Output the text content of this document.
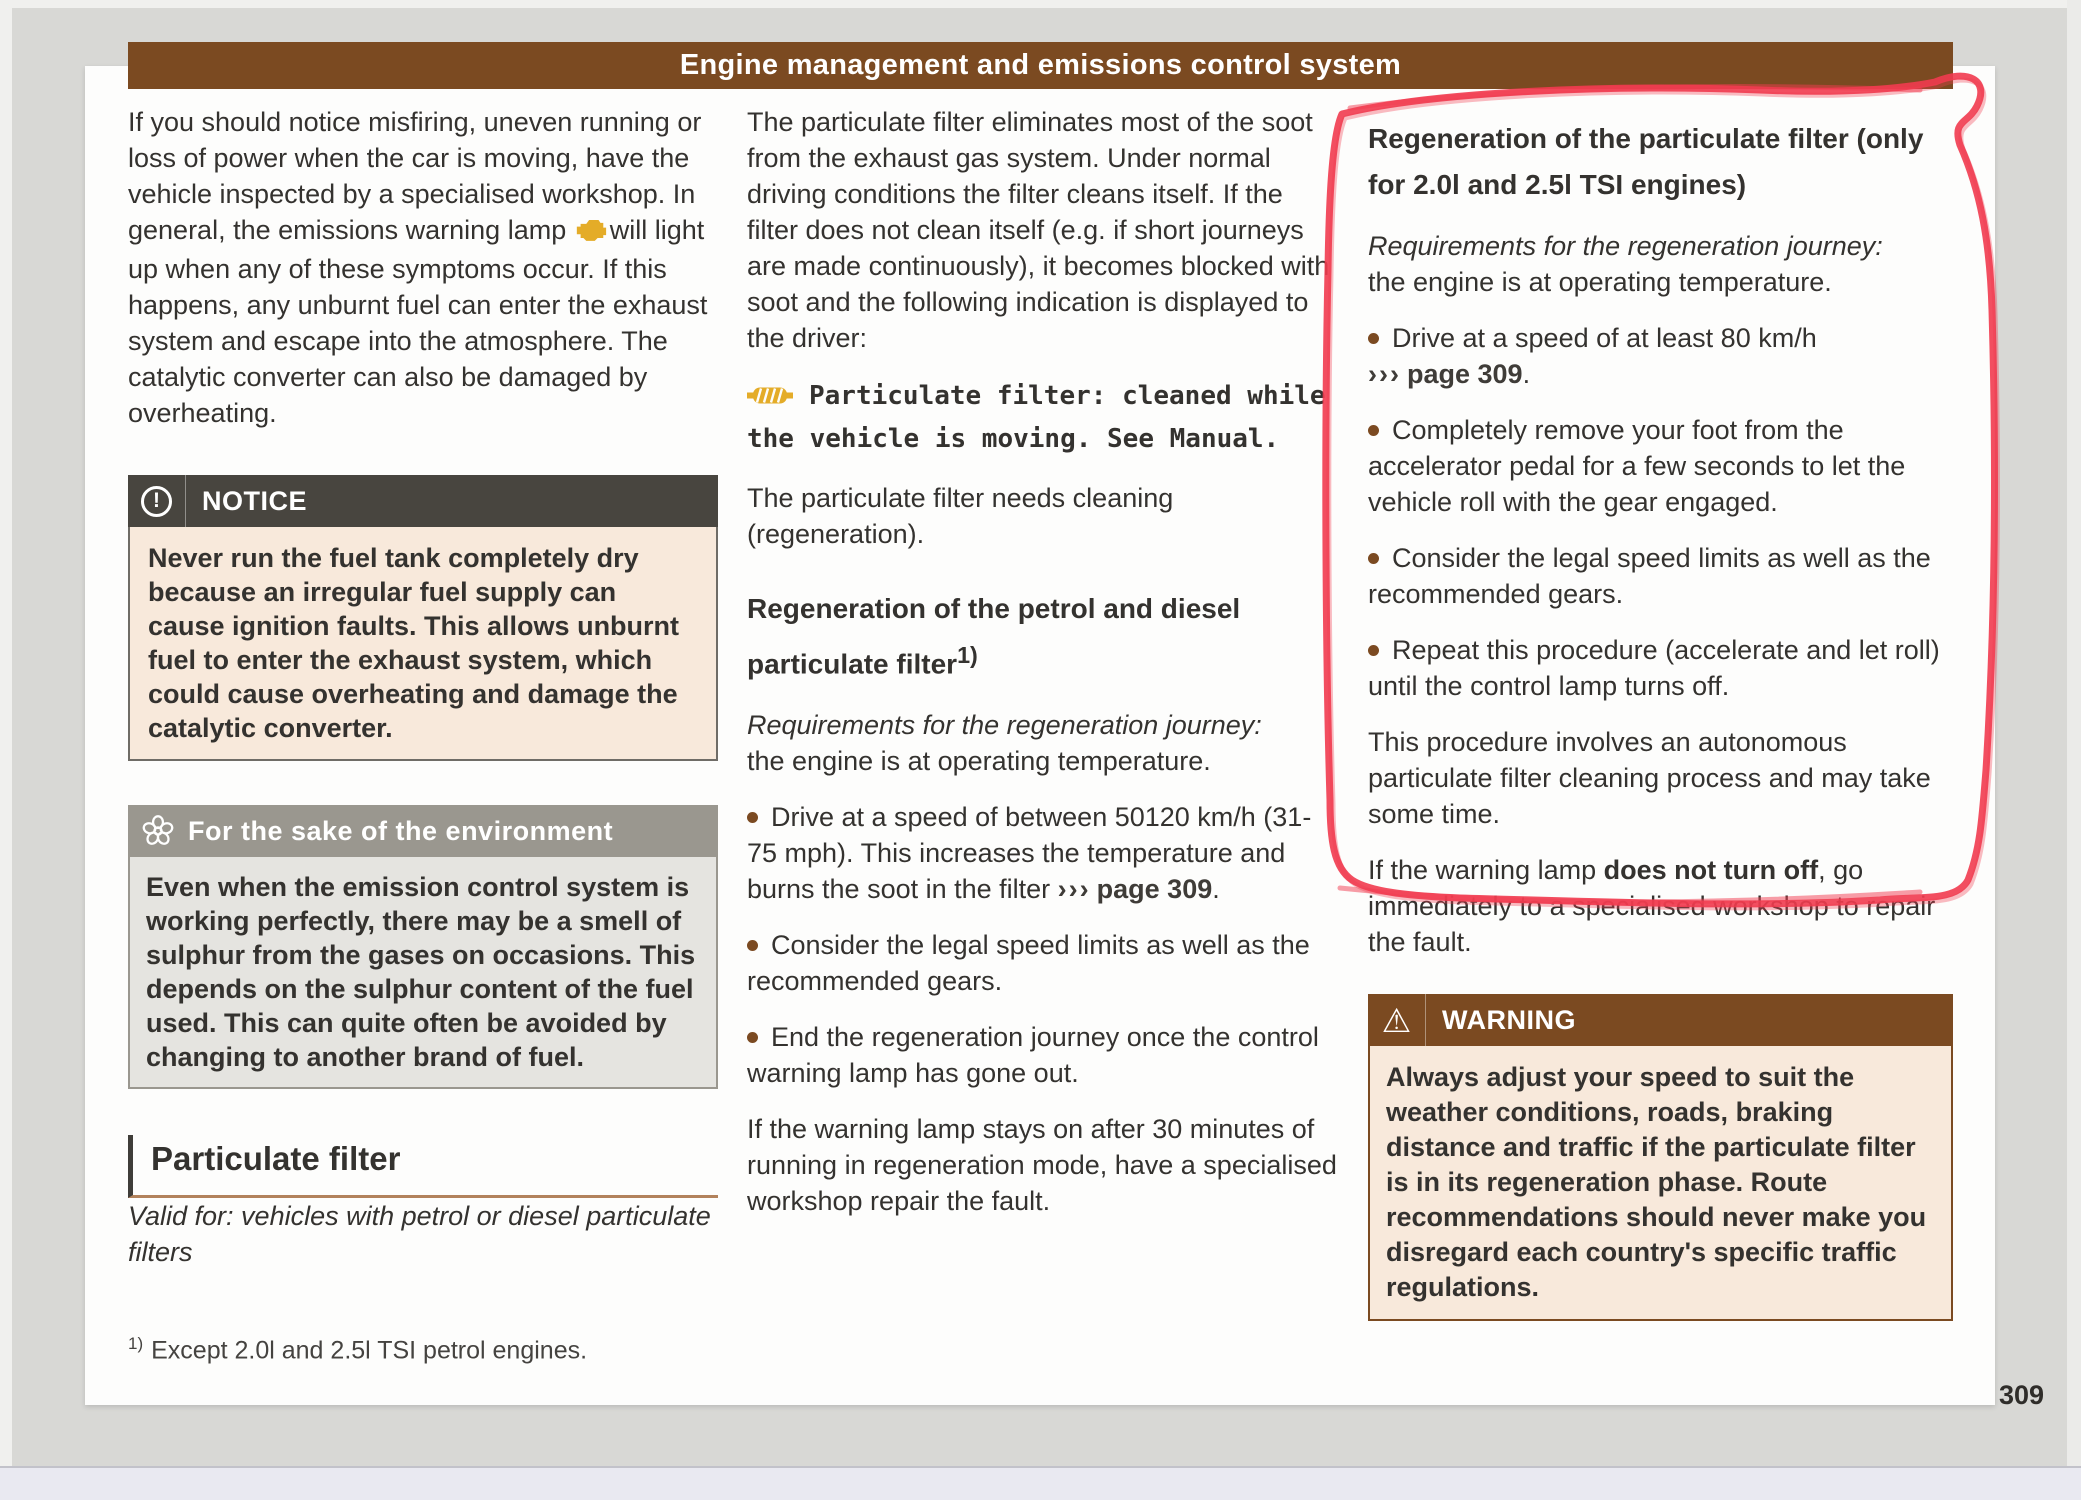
Engine management and emissions control system

If you should notice misfiring, uneven running or loss of power when the car is moving, have the vehicle inspected by a specialised workshop. In general, the emissions warning lamp will light up when any of these symptoms occur. If this happens, any unburnt fuel can enter the exhaust system and escape into the atmosphere. The catalytic converter can also be damaged by overheating.

!	NOTICE
Never run the fuel tank completely dry because an irregular fuel supply can cause ignition faults. This allows unburnt fuel to enter the exhaust system, which could cause overheating and damage the catalytic converter.
For the sake of the environment
Even when the emission control system is working perfectly, there may be a smell of sulphur from the gases on occasions. This depends on the sulphur content of the fuel used. This can quite often be avoided by changing to another brand of fuel.
Particulate filter

Valid for: vehicles with petrol or diesel particulate filters

The particulate filter eliminates most of the soot from the exhaust gas system. Under normal driving conditions the filter cleans itself. If the filter does not clean itself (e.g. if short journeys are made continuously), it becomes blocked with soot and the following indication is displayed to the driver:

Particulate filter: cleaned while the vehicle is moving. See Manual.

The particulate filter needs cleaning (regeneration).

Regeneration of the petrol and diesel particulate filter$^{1)}$

Requirements for the regeneration journey:
the engine is at operating temperature.

Drive at a speed of between 50120 km/h (31-75 mph). This increases the temperature and burns the soot in the filter ››› page 309.

Consider the legal speed limits as well as the recommended gears.

End the regeneration journey once the control warning lamp has gone out.

If the warning lamp stays on after 30 minutes of running in regeneration mode, have a specialised workshop repair the fault.

Regeneration of the particulate filter (only for 2.0l and 2.5l TSI engines)

Requirements for the regeneration journey:
the engine is at operating temperature.

Drive at a speed of at least 80 km/h
››› page 309.

Completely remove your foot from the accelerator pedal for a few seconds to let the vehicle roll with the gear engaged.

Consider the legal speed limits as well as the recommended gears.

Repeat this procedure (accelerate and let roll) until the control lamp turns off.

This procedure involves an autonomous particulate filter cleaning process and may take some time.

If the warning lamp does not turn off, go immediately to a specialised workshop to repair the fault.

⚠	WARNING
Always adjust your speed to suit the weather conditions, roads, braking distance and traffic if the particulate filter is in its regeneration phase. Route recommendations should never make you disregard each country's specific traffic regulations.
$^{1)}$ Except 2.0l and 2.5l TSI petrol engines.
309
